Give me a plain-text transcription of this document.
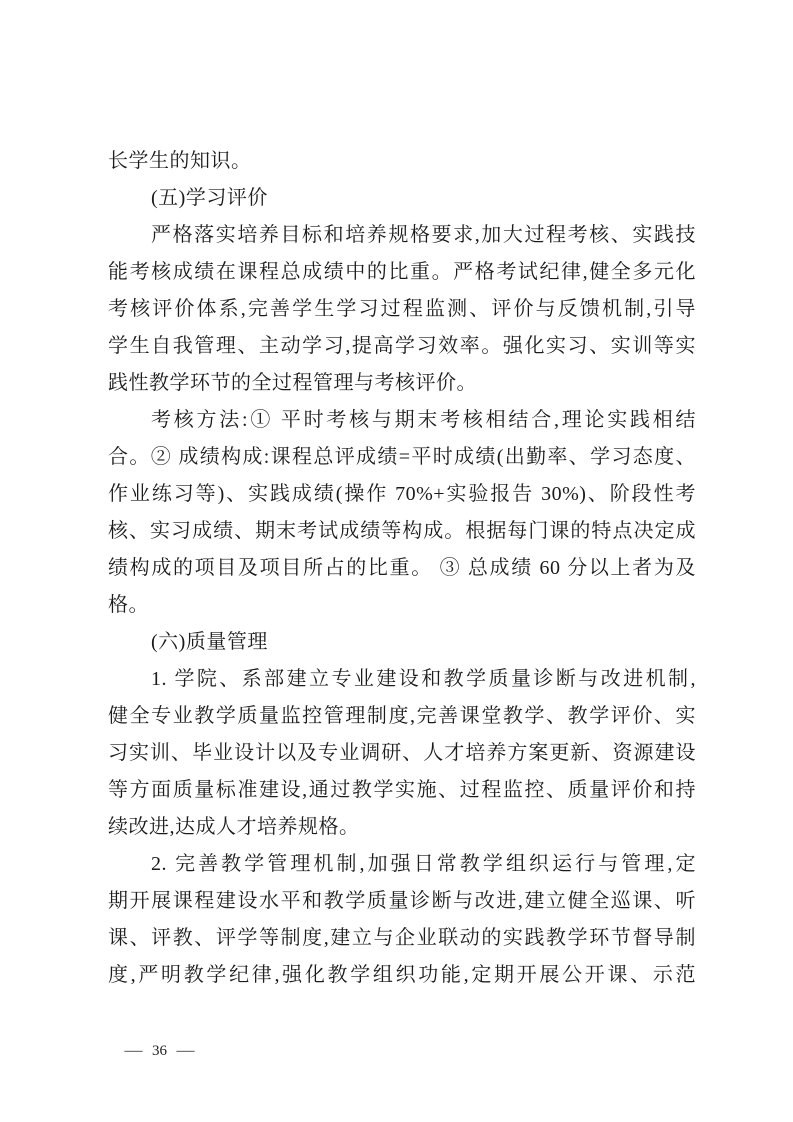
长学生的知识。
(五)学习评价
严格落实培养目标和培养规格要求,加大过程考核、实践技
能考核成绩在课程总成绩中的比重。严格考试纪律,健全多元化
考核评价体系,完善学生学习过程监测、评价与反馈机制,引导
学生自我管理、主动学习,提高学习效率。强化实习、实训等实
践性教学环节的全过程管理与考核评价。
考核方法:① 平时考核与期末考核相结合,理论实践相结
合。② 成绩构成:课程总评成绩=平时成绩(出勤率、学习态度、
作业练习等)、实践成绩(操作 70%+实验报告 30%)、阶段性考
核、实习成绩、期末考试成绩等构成。根据每门课的特点决定成
绩构成的项目及项目所占的比重。 ③ 总成绩 60 分以上者为及
格。
(六)质量管理
1. 学院、系部建立专业建设和教学质量诊断与改进机制,
健全专业教学质量监控管理制度,完善课堂教学、教学评价、实
习实训、毕业设计以及专业调研、人才培养方案更新、资源建设
等方面质量标准建设,通过教学实施、过程监控、质量评价和持
续改进,达成人才培养规格。
2. 完善教学管理机制,加强日常教学组织运行与管理,定
期开展课程建设水平和教学质量诊断与改进,建立健全巡课、听
课、评教、评学等制度,建立与企业联动的实践教学环节督导制
度,严明教学纪律,强化教学组织功能,定期开展公开课、示范
— 36 —
